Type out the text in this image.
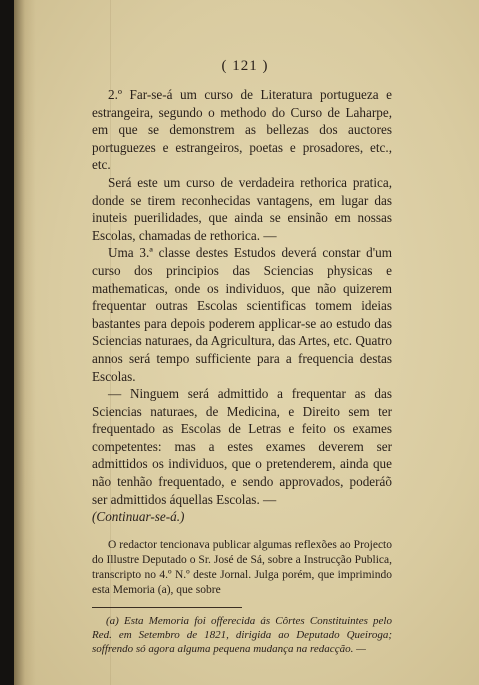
( 121 )

2.º Far-se-á um curso de Literatura portugueza e estrangeira, segundo o methodo do Curso de Laharpe, em que se demonstrem as bellezas dos auctores portuguezes e estrangeiros, poetas e prosadores, etc., etc.

Será este um curso de verdadeira rethorica pratica, donde se tirem reconhecidas vantagens, em lugar das inuteis puerilidades, que ainda se ensinão em nossas Escolas, chamadas de rethorica. —

Uma 3.ª classe destes Estudos deverá constar d'um curso dos principios das Sciencias physicas e mathematicas, onde os individuos, que não quizerem frequentar outras Escolas scientificas tomem ideias bastantes para depois poderem applicar-se ao estudo das Sciencias naturaes, da Agricultura, das Artes, etc. Quatro annos será tempo sufficiente para a frequencia destas Escolas.

— Ninguem será admittido a frequentar as das Sciencias naturaes, de Medicina, e Direito sem ter frequentado as Escolas de Letras e feito os exames competentes: mas a estes exames deverem ser admittidos os individuos, que o pretenderem, ainda que não tenhão frequentado, e sendo approvados, poderáõ ser admittidos áquellas Escolas. —

(Continuar-se-á.)

O redactor tencionava publicar algumas reflexões ao Projecto do Illustre Deputado o Sr. José de Sá, sobre a Instrucção Publica, transcripto no 4.º N.º deste Jornal. Julga porém, que imprimindo esta Memoria (a), que sobre

(a) Esta Memoria foi offerecida ás Côrtes Constituintes pelo Red. em Setembro de 1821, dirigida ao Deputado Queiroga; soffrendo só agora alguma pequena mudança na redacção. —
